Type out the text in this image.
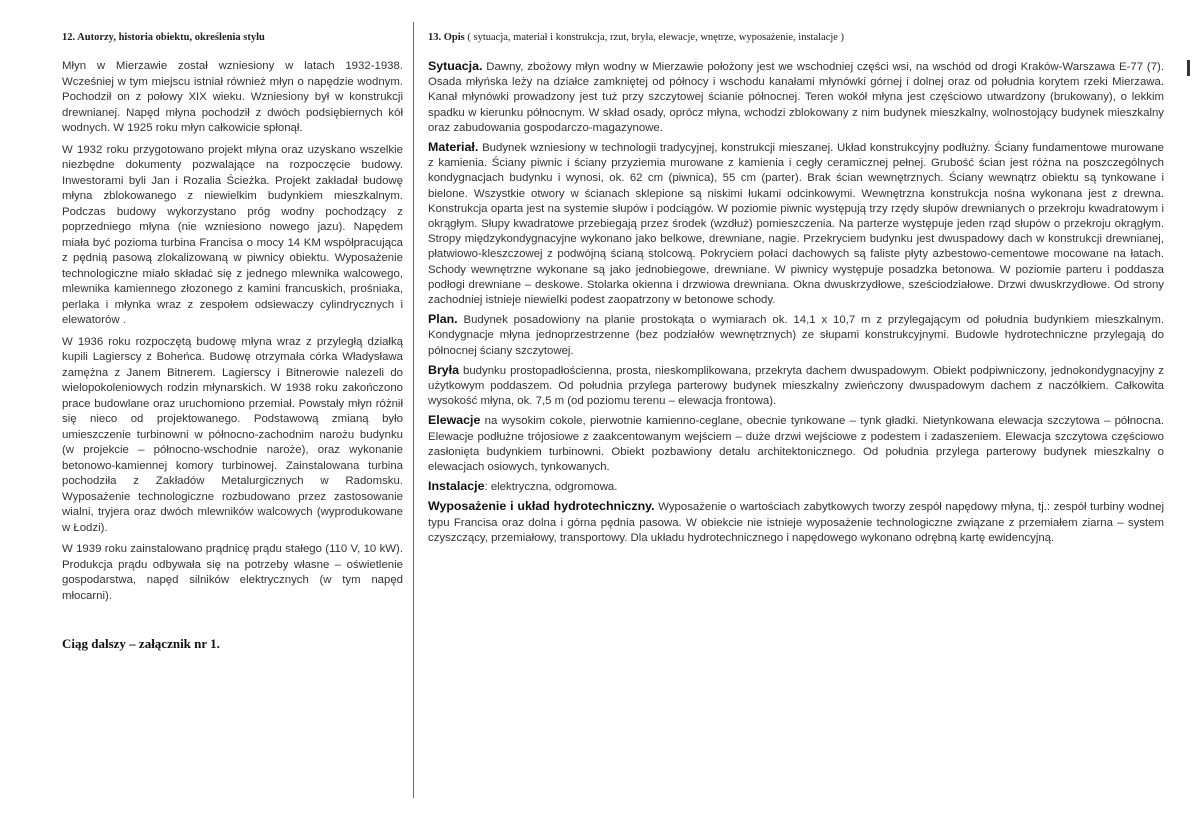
12. Autorzy, historia obiektu, określenia stylu

Młyn w Mierzawie został wzniesiony w latach 1932-1938. Wcześniej w tym miejscu istniał również młyn o napędzie wodnym. Pochodził on z połowy XIX wieku. Wzniesiony był w konstrukcji drewnianej. Napęd młyna pochodził z dwóch podsiębiernych kół wodnych. W 1925 roku młyn całkowicie spłonął.

W 1932 roku przygotowano projekt młyna oraz uzyskano wszelkie niezbędne dokumenty pozwalające na rozpoczęcie budowy. Inwestorami byli Jan i Rozalia Ścieżka. Projekt zakładał budowę młyna zblokowanego z niewielkim budynkiem mieszkalnym. Podczas budowy wykorzystano próg wodny pochodzący z poprzedniego młyna (nie wzniesiono nowego jazu). Napędem miała być pozioma turbina Francisa o mocy 14 KM współpracująca z pędnią pasową zlokalizowaną w piwnicy obiektu. Wyposażenie technologiczne miało składać się z jednego mlewnika walcowego, mlewnika kamiennego złozonego z kamini francuskich, prośniaka, perlaka i młynka wraz z zespołem odsiewaczy cylindrycznych i elewatorów .

W 1936 roku rozpoczętą budowę młyna wraz z przyległą działką kupili Lagierscy z Boheńca. Budowę otrzymała córka Władysława zamężna z Janem Bitnerem. Lagierscy i Bitnerowie nalezeli do wielopokoleniowych rodzin młynarskich. W 1938 roku zakończono prace budowlane oraz uruchomiono przemiał. Powstały młyn różnił się nieco od projektowanego. Podstawową zmianą było umieszczenie turbinowni w północno-zachodnim narożu budynku (w projekcie – północno-wschodnie naroże), oraz wykonanie betonowo-kamiennej komory turbinowej. Zainstalowana turbina pochodziła z Zakładów Metalurgicznych w Radomsku. Wyposażenie technologiczne rozbudowano przez zastosowanie wialni, tryjera oraz dwóch mlewników walcowych (wyprodukowane w Łodzi).

W 1939 roku zainstalowano prądnicę prądu stałego (110 V, 10 kW). Produkcja prądu odbywała się na potrzeby własne – oświetlenie gospodarstwa, napęd silników elektrycznych (w tym napęd młocarni).

Ciąg dalszy – załącznik nr 1.
13. Opis ( sytuacja, materiał i konstrukcja, rzut, bryła, elewacje, wnętrze, wyposażenie, instalacje )

Sytuacja. Dawny, zbożowy młyn wodny w Mierzawie położony jest we wschodniej części wsi, na wschód od drogi Kraków-Warszawa E-77 (7). Osada młyńska leży na działce zamkniętej od północy i wschodu kanałami młynówki górnej i dolnej oraz od południa korytem rzeki Mierzawa. Kanał młynówki prowadzony jest tuż przy szczytowej ścianie północnej. Teren wokół młyna jest częściowo utwardzony (brukowany), o lekkim spadku w kierunku północnym. W skład osady, oprócz młyna, wchodzi zblokowany z nim budynek mieszkalny, wolnostojący budynek mieszkalny oraz zabudowania gospodarczo-magazynowe.

Materiał. Budynek wzniesiony w technologii tradycyjnej, konstrukcji mieszanej. Układ konstrukcyjny podłużny. Ściany fundamentowe murowane z kamienia. Ściany piwnic i ściany przyziemia murowane z kamienia i cegły ceramicznej pełnej. Grubość ścian jest różna na poszczególnych kondygnacjach budynku i wynosi, ok. 62 cm (piwnica), 55 cm (parter). Brak ścian wewnętrznych. Ściany wewnątrz obiektu są tynkowane i bielone. Wszystkie otwory w ścianach sklepione są niskimi łukami odcinkowymi. Wewnętrzna konstrukcja nośna wykonana jest z drewna. Konstrukcja oparta jest na systemie słupów i podciągów. W poziomie piwnic występują trzy rzędy słupów drewnianych o przekroju kwadratowym i okrągłym. Słupy kwadratowe przebiegają przez środek (wzdłuż) pomieszczenia. Na parterze występuje jeden rząd słupów o przekroju okrągłym. Stropy międzykondygnacyjne wykonano jako belkowe, drewniane, nagie. Przekryciem budynku jest dwuspadowy dach w konstrukcji drewnianej, płatwiowo-kleszczowej z podwójną ścianą stolcową. Pokryciem połaci dachowych są faliste płyty azbestowo-cementowe mocowane na łatach. Schody wewnętrzne wykonane są jako jednobiegowe, drewniane. W piwnicy występuje posadzka betonowa. W poziomie parteru i poddasza podłogi drewniane – deskowe. Stolarka okienna i drzwiowa drewniana. Okna dwuskrzydłowe, sześciodziałowe. Drzwi dwuskrzydłowe. Od strony zachodniej istnieje niewielki podest zaopatrzony w betonowe schody.

Plan. Budynek posadowiony na planie prostokąta o wymiarach ok. 14,1 x 10,7 m z przylegającym od południa budynkiem mieszkalnym. Kondygnacje młyna jednoprzestrzenne (bez podziałów wewnętrznych) ze słupami konstrukcyjnymi. Budowle hydrotechniczne przylegają do północnej ściany szczytowej.

Bryła budynku prostopadłościenna, prosta, nieskomplikowana, przekryta dachem dwuspadowym. Obiekt podpiwniczony, jednokondygnacyjny z użytkowym poddaszem. Od południa przylega parterowy budynek mieszkalny zwieńczony dwuspadowym dachem z naczółkiem. Całkowita wysokość młyna, ok. 7,5 m (od poziomu terenu – elewacja frontowa).

Elewacje na wysokim cokole, pierwotnie kamienno-ceglane, obecnie tynkowane – tynk gładki. Nietynkowana elewacja szczytowa – północna. Elewacje podłużne trójosiowe z zaakcentowanym wejściem – duże drzwi wejściowe z podestem i zadaszeniem. Elewacja szczytowa częściowo zasłonięta budynkiem turbinowni. Obiekt pozbawiony detalu architektonicznego. Od południa przylega parterowy budynek mieszkalny o elewacjach osiowych, tynkowanych.

Instalacje: elektryczna, odgromowa.

Wyposażenie i układ hydrotechniczny. Wyposażenie o wartościach zabytkowych tworzy zespół napędowy młyna, tj.: zespół turbiny wodnej typu Francisa oraz dolna i górna pędnia pasowa. W obiekcie nie istnieje wyposażenie technologiczne związane z przemiałem ziarna – system czyszczący, przemiałowy, transportowy. Dla układu hydrotechnicznego i napędowego wykonano odrębną kartę ewidencyjną.
